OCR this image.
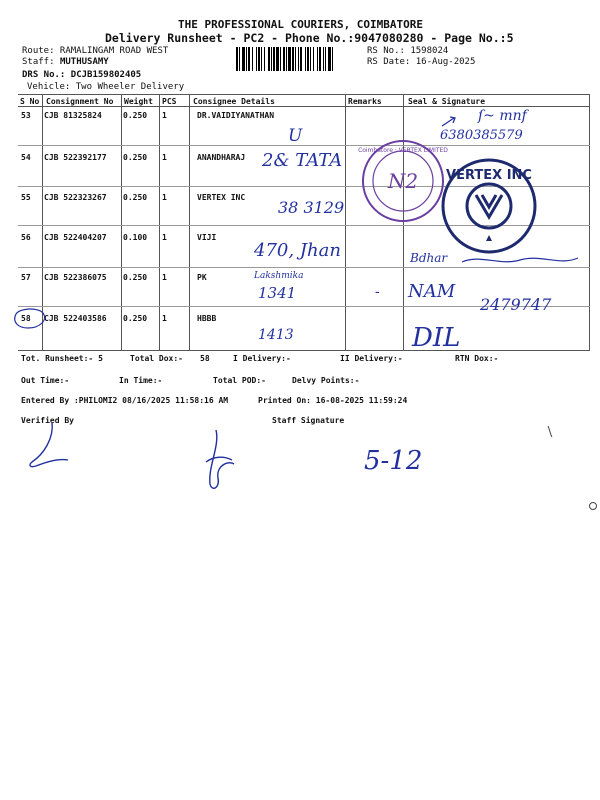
THE PROFESSIONAL COURIERS, COIMBATORE
Delivery Runsheet - PC2 - Phone No.:9047080280 - Page No.:5
Route: RAMALINGAM ROAD WEST
Staff: MUTHUSAMY
DRS No.: DCJB159802405
Vehicle: Two Wheeler Delivery
RS No.: 1598024
RS Date: 16-Aug-2025
S No Consignment No Weight PCS Consignee Details	Remarks	Seal & Signature
53 CJB 81325824	0.250 1	DR.VAIDIYANATHAN
54 CJB 522392177 0.250 1	ANANDHARAJ
55 CJB 522323267 0.250 1	VERTEX INC
56 CJB 522404207 0.100 1	VIJI
57 CJB 522386075 0.250 1	PK
58 CJB 522403586 0.250 1	HBBB
Tot. Runsheet:- 5	Total Dox:- 58	I Delivery:-	II Delivery:-	RTN Dox:-
Out Time:-	In Time:-	Total POD:-	Delvy Points:-
Entered By :PHILOMI2 08/16/2025 11:58:16 AM	Printed On: 16-08-2025 11:59:24
Verified By	Staff Signature
N2
Coimbatore · VERTEX LIMITED
VERTEX INC
ſ~ mnf
6380385579
U
2& TATA
38 3129
470, Jhan	Bdhar
Lakshmika
1341	- NAM
2479747
1413	DIL
5-12
